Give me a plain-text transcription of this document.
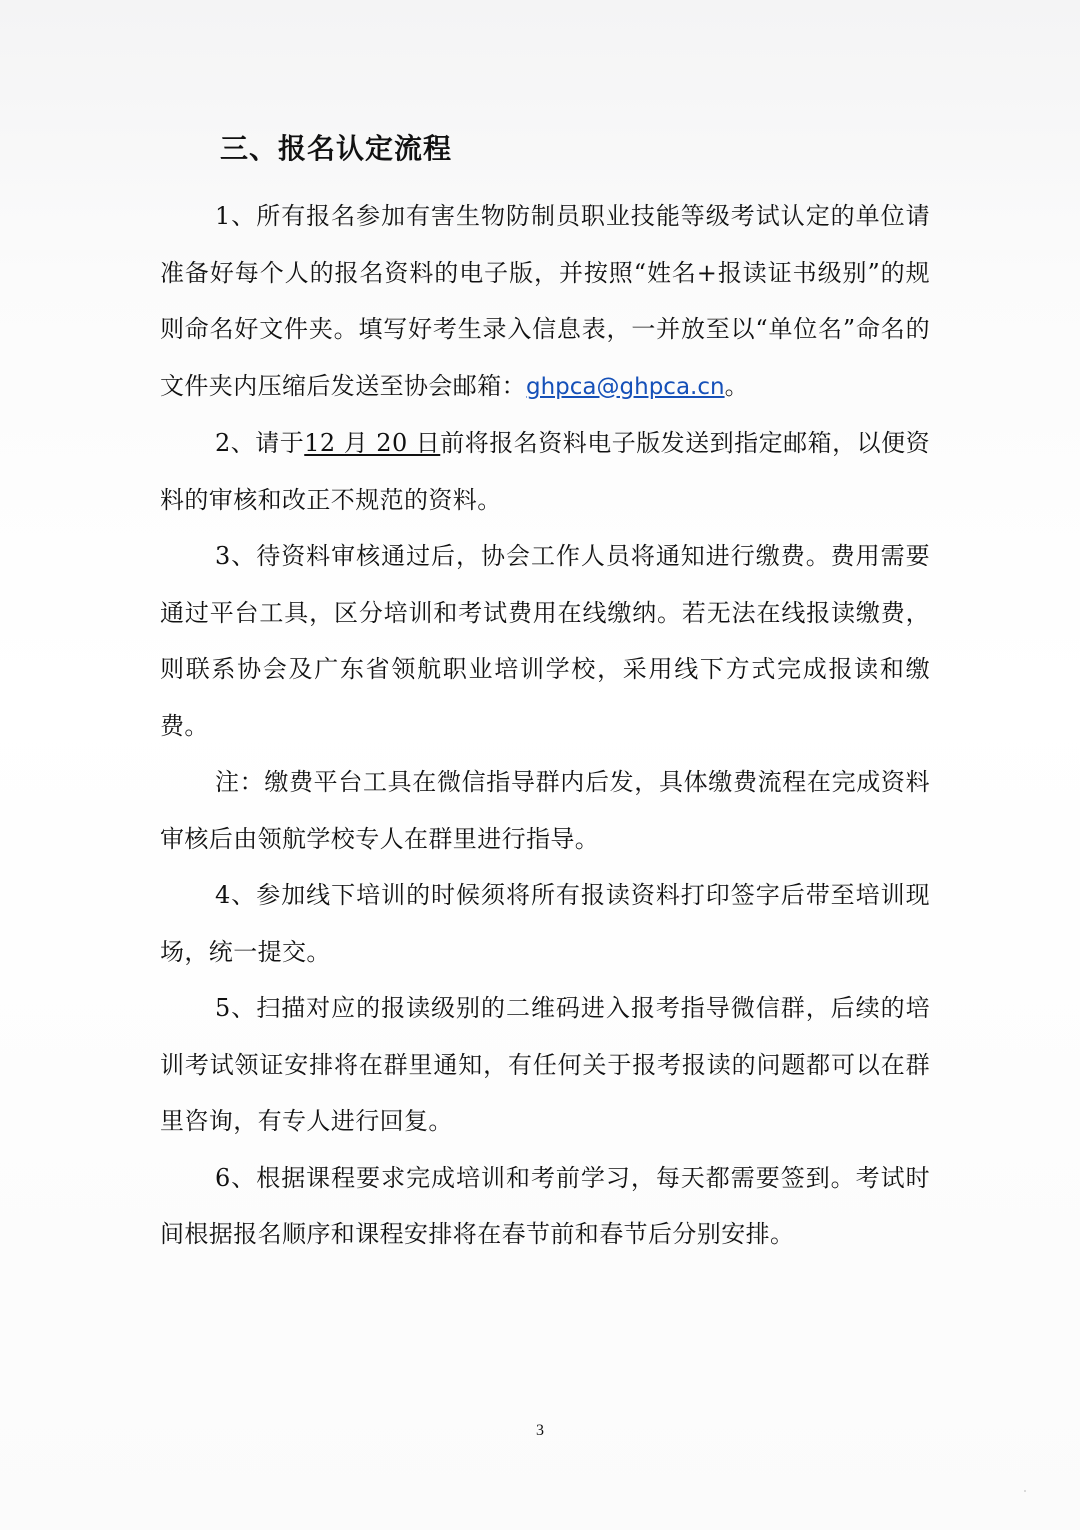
三、报名认定流程

1、所有报名参加有害生物防制员职业技能等级考试认定的单位请准备好每个人的报名资料的电子版，并按照“姓名+报读证书级别”的规则命名好文件夹。填写好考生录入信息表，一并放至以“单位名”命名的文件夹内压缩后发送至协会邮箱：ghpca@ghpca.cn。

2、请于12 月 20 日前将报名资料电子版发送到指定邮箱，以便资料的审核和改正不规范的资料。

3、待资料审核通过后，协会工作人员将通知进行缴费。费用需要通过平台工具，区分培训和考试费用在线缴纳。若无法在线报读缴费，则联系协会及广东省领航职业培训学校，采用线下方式完成报读和缴费。

注：缴费平台工具在微信指导群内后发，具体缴费流程在完成资料审核后由领航学校专人在群里进行指导。

4、参加线下培训的时候须将所有报读资料打印签字后带至培训现场，统一提交。

5、扫描对应的报读级别的二维码进入报考指导微信群，后续的培训考试领证安排将在群里通知，有任何关于报考报读的问题都可以在群里咨询，有专人进行回复。

6、根据课程要求完成培训和考前学习，每天都需要签到。考试时间根据报名顺序和课程安排将在春节前和春节后分别安排。

3
